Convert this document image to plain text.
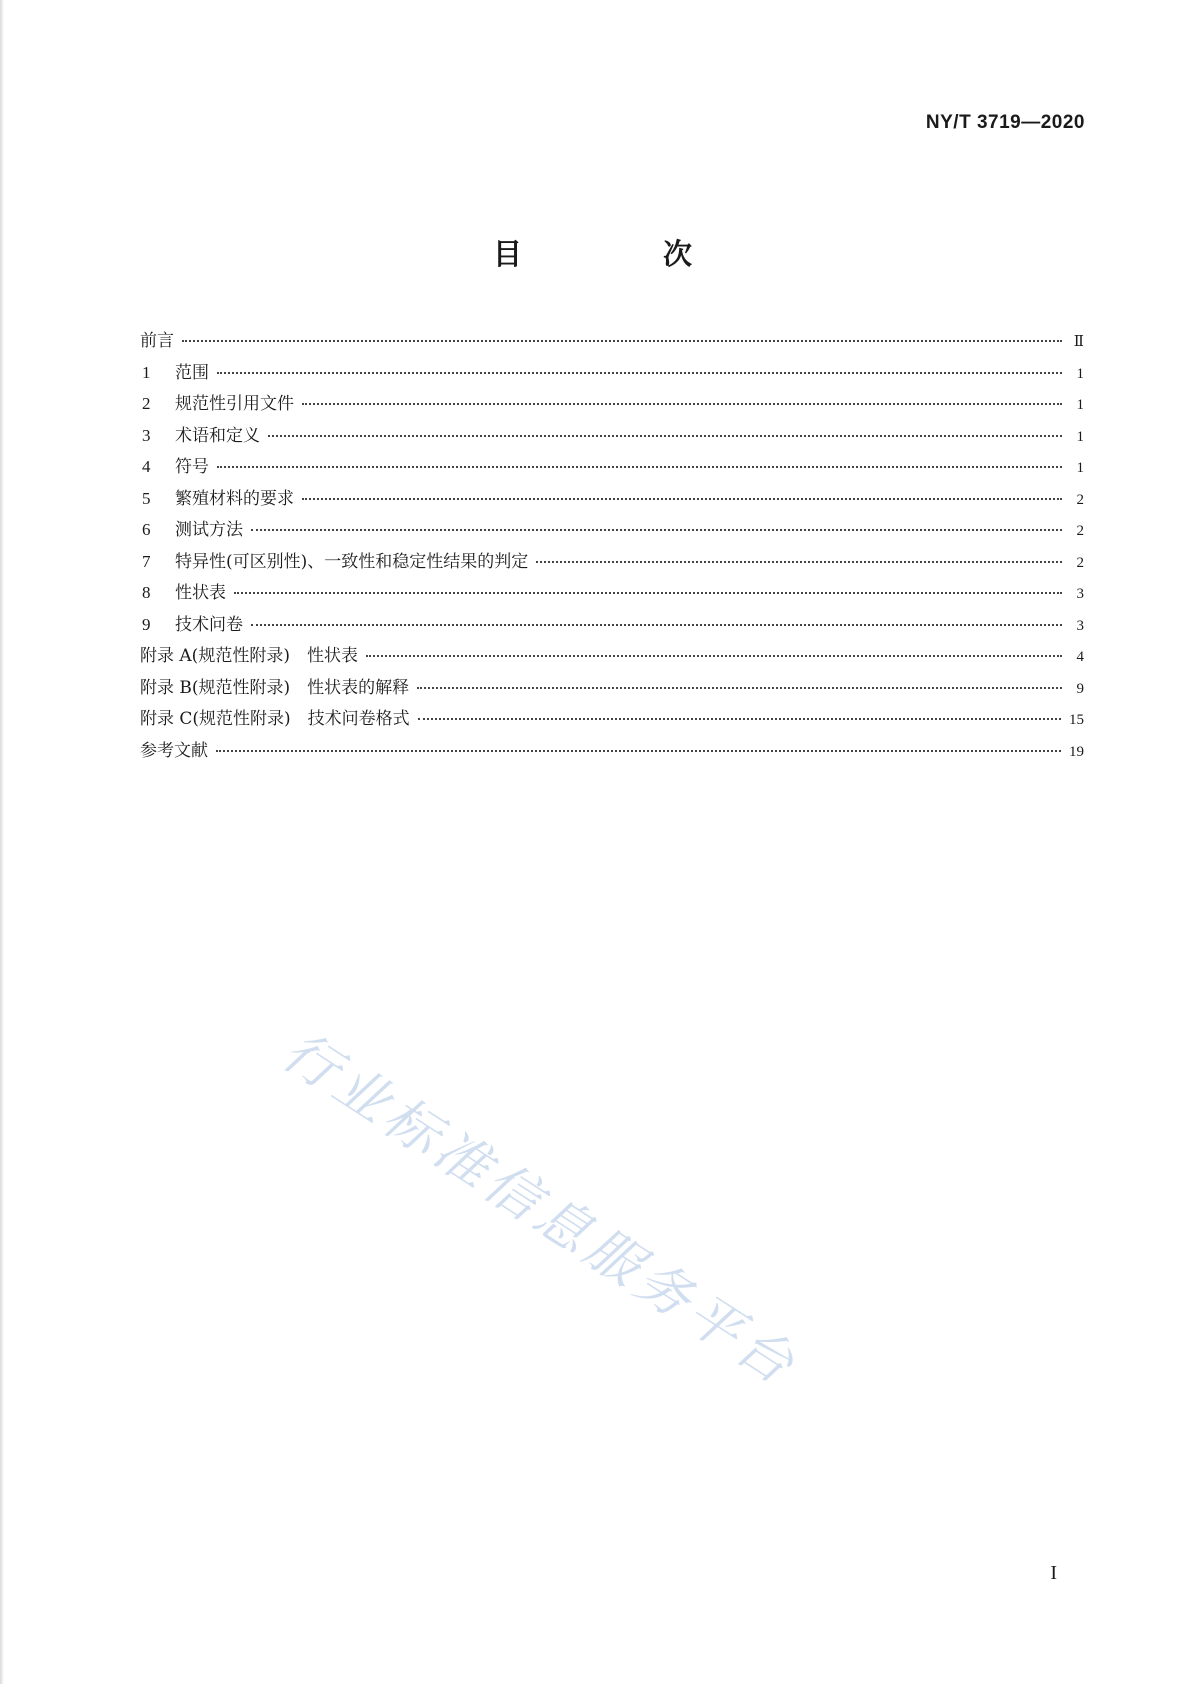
NY/T 3719—2020
目　次
前言	Ⅱ
1	范围	1
2	规范性引用文件	1
3	术语和定义	1
4	符号	1
5	繁殖材料的要求	2
6	测试方法	2
7	特异性(可区别性)、一致性和稳定性结果的判定	2
8	性状表	3
9	技术问卷	3
附录 A(规范性附录)　性状表	4
附录 B(规范性附录)　性状表的解释	9
附录 C(规范性附录)　技术问卷格式	15
参考文献	19
行业标准信息服务平台
I
